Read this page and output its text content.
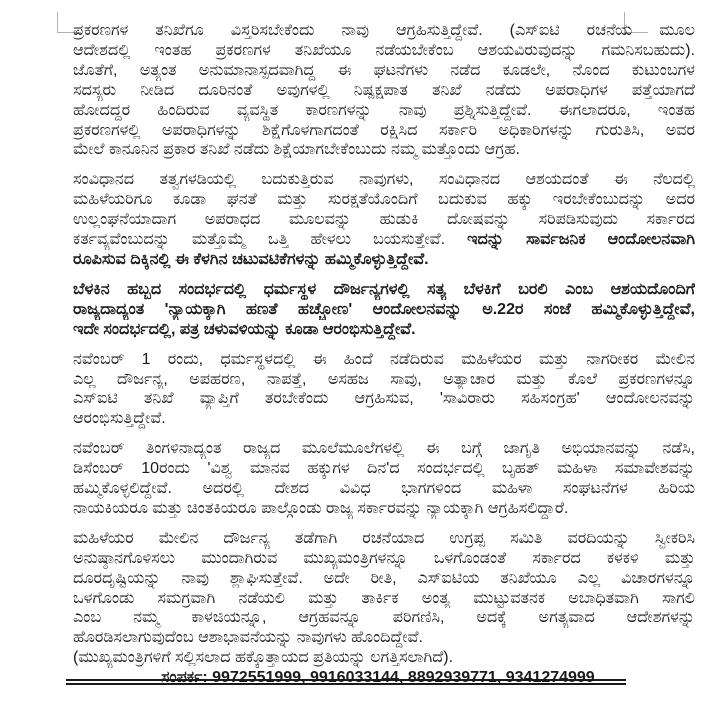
ಪ್ರಕರಣಗಳ ತನಿಖೆಗೂ ವಿಸ್ತರಿಸಬೇಕೆಂದು ನಾವು ಆಗ್ರಹಿಸುತ್ತಿದ್ದೇವೆ. (ಎಸ್‌ಐಟಿ ರಚನೆಯ ಮೂಲ
ಆದೇಶದಲ್ಲಿ ಇಂತಹ ಪ್ರಕರಣಗಳ ತನಿಖೆಯೂ ನಡೆಯಬೇಕೆಂಬ ಆಶಯವಿರುವುದನ್ನು ಗಮನಿಸಬಹುದು).
ಜೊತೆಗೆ, ಅತ್ಯಂತ ಅನುಮಾನಾಸ್ಪದವಾಗಿದ್ದ ಈ ಘಟನೆಗಳು ನಡೆದ ಕೂಡಲೇ, ನೊಂದ ಕುಟುಂಬಗಳ
ಸದಸ್ಯರು ನೀಡಿದ ದೂರಿನಂತೆ ಅವುಗಳಲ್ಲಿ ನಿಷ್ಪಕ್ಷಪಾತ ತನಿಖೆ ನಡೆದು ಅಪರಾಧಿಗಳ ಪತ್ತೆಯಾಗದೆ
ಹೋದದ್ದರ ಹಿಂದಿರುವ ವ್ಯವಸ್ಥಿತ ಕಾರಣಗಳನ್ನು ನಾವು ಪ್ರಶ್ನಿಸುತ್ತಿದ್ದೇವೆ. ಈಗಲಾದರೂ, ಇಂತಹ
ಪ್ರಕರಣಗಳಲ್ಲಿ ಅಪರಾಧಿಗಳನ್ನು ಶಿಕ್ಷೆಗೊಳಗಾಗದಂತೆ ರಕ್ಷಿಸಿದ ಸರ್ಕಾರಿ ಅಧಿಕಾರಿಗಳನ್ನು ಗುರುತಿಸಿ, ಅವರ
ಮೇಲೆ ಕಾನೂನಿನ ಪ್ರಕಾರ ತನಿಖೆ ನಡೆದು ಶಿಕ್ಷೆಯಾಗಬೇಕೆಂಬುದು ನಮ್ಮ ಮತ್ತೊಂದು ಆಗ್ರಹ.
ಸಂವಿಧಾನದ ತತ್ವಗಳಡಿಯಲ್ಲಿ ಬದುಕುತ್ತಿರುವ ನಾವುಗಳು, ಸಂವಿಧಾನದ ಆಶಯದಂತೆ ಈ ನೆಲದಲ್ಲಿ
ಮಹಿಳೆಯರಿಗೂ ಕೂಡಾ ಘನತೆ ಮತ್ತು ಸುರಕ್ಷತೆಯೊಂದಿಗೆ ಬದುಕುವ ಹಕ್ಕು ಇರಬೇಕೆಂಬುದನ್ನು ಅದರ
ಉಲ್ಲಂಘನೆಯಾದಾಗ ಅಪರಾಧದ ಮೂಲವನ್ನು ಹುಡುಕಿ ದೋಷವನ್ನು ಸರಿಪಡಿಸುವುದು ಸರ್ಕಾರದ
ಕರ್ತವ್ಯವೆಂಬುದನ್ನು ಮತ್ತೊಮ್ಮೆ ಒತ್ತಿ ಹೇಳಲು ಬಯಸುತ್ತೇವೆ. ಇದನ್ನು ಸಾರ್ವಜನಿಕ ಆಂದೋಲನವಾಗಿ
ರೂಪಿಸುವ ದಿಕ್ಕಿನಲ್ಲಿ ಈ ಕೆಳಗಿನ ಚಟುವಟಿಕೆಗಳನ್ನು ಹಮ್ಮಿಕೊಳ್ಳುತ್ತಿದ್ದೇವೆ.
ಬೆಳಕಿನ ಹಬ್ಬದ ಸಂದರ್ಭದಲ್ಲಿ ಧರ್ಮಸ್ಥಳ ದೌರ್ಜನ್ಯಗಳಲ್ಲಿ ಸತ್ಯ ಬೆಳಕಿಗೆ ಬರಲಿ ಎಂಬ ಆಶಯದೊಂದಿಗೆ
ರಾಜ್ಯದಾದ್ಯಂತ 'ನ್ಯಾಯಕ್ಕಾಗಿ ಹಣತೆ ಹಚ್ಚೋಣ' ಆಂದೋಲನವನ್ನು ಅ.22ರ ಸಂಜೆ ಹಮ್ಮಿಕೊಳ್ಳುತ್ತಿದ್ದೇವೆ,
ಇದೇ ಸಂದರ್ಭದಲ್ಲಿ, ಪತ್ರ ಚಳುವಳಿಯನ್ನು ಕೂಡಾ ಆರಂಭಿಸುತ್ತಿದ್ದೇವೆ.
ನವೆಂಬರ್ 1 ರಂದು, ಧರ್ಮಸ್ಥಳದಲ್ಲಿ ಈ ಹಿಂದೆ ನಡೆದಿರುವ ಮಹಿಳೆಯರ ಮತ್ತು ನಾಗರೀಕರ ಮೇಲಿನ
ಎಲ್ಲ ದೌರ್ಜನ್ಯ, ಅಪಹರಣ, ನಾಪತ್ತೆ, ಅಸಹಜ ಸಾವು, ಅತ್ಯಾಚಾರ ಮತ್ತು ಕೊಲೆ ಪ್ರಕರಣಗಳನ್ನೂ
ಎಸ್‌ಐಟಿ ತನಿಖೆ ವ್ಯಾಪ್ತಿಗೆ ತರಬೇಕೆಂದು ಆಗ್ರಹಿಸುವ, 'ಸಾವಿರಾರು ಸಹಿಸಂಗ್ರಹ' ಆಂದೋಲನವನ್ನು
ಆರಂಭಿಸುತ್ತಿದ್ದೇವೆ.
ನವೆಂಬರ್ ತಿಂಗಳಿನಾದ್ಯಂತ ರಾಜ್ಯದ ಮೂಲೆಮೂಲೆಗಳಲ್ಲಿ ಈ ಬಗ್ಗೆ ಜಾಗೃತಿ ಅಭಿಯಾನವನ್ನು ನಡೆಸಿ,
ಡಿಸೆಂಬರ್ 10ರಂದು 'ವಿಶ್ವ ಮಾನವ ಹಕ್ಕುಗಳ ದಿನ'ದ ಸಂದರ್ಭದಲ್ಲಿ ಬೃಹತ್ ಮಹಿಳಾ ಸಮಾವೇಶವನ್ನು
ಹಮ್ಮಿಕೊಳ್ಳಲಿದ್ದೇವೆ. ಅದರಲ್ಲಿ ದೇಶದ ವಿವಿಧ ಭಾಗಗಳಿಂದ ಮಹಿಳಾ ಸಂಘಟನೆಗಳ ಹಿರಿಯ
ನಾಯಕಿಯರೂ ಮತ್ತು ಚಿಂತಕಿಯರೂ ಪಾಲ್ಗೊಂಡು ರಾಜ್ಯ ಸರ್ಕಾರವನ್ನು ನ್ಯಾಯಕ್ಕಾಗಿ ಆಗ್ರಹಿಸಲಿದ್ದಾರೆ.
ಮಹಿಳೆಯರ ಮೇಲಿನ ದೌರ್ಜನ್ಯ ತಡೆಗಾಗಿ ರಚನೆಯಾದ ಉಗ್ರಪ್ಪ ಸಮಿತಿ ವರದಿಯನ್ನು ಸ್ವೀಕರಿಸಿ
ಅನುಷ್ಠಾನಗೊಳಿಸಲು ಮುಂದಾಗಿರುವ ಮುಖ್ಯಮಂತ್ರಿಗಳನ್ನೂ ಒಳಗೊಂಡಂತೆ ಸರ್ಕಾರದ ಕಳಕಳಿ ಮತ್ತು
ದೂರದೃಷ್ಟಿಯನ್ನು ನಾವು ಶ್ಲಾಘಿಸುತ್ತೇವೆ. ಅದೇ ರೀತಿ, ಎಸ್‌ಐಟಿಯ ತನಿಖೆಯೂ ಎಲ್ಲ ವಿಚಾರಗಳನ್ನೂ
ಒಳಗೊಂಡು ಸಮಗ್ರವಾಗಿ ನಡೆಯಲಿ ಮತ್ತು ತಾರ್ಕಿಕ ಅಂತ್ಯ ಮುಟ್ಟುವತನಕ ಅಬಾಧಿತವಾಗಿ ಸಾಗಲಿ
ಎಂಬ ನಮ್ಮ ಕಾಳಜಿಯನ್ನೂ, ಆಗ್ರಹವನ್ನೂ ಪರಿಗಣಿಸಿ, ಅದಕ್ಕೆ ಅಗತ್ಯವಾದ ಆದೇಶಗಳನ್ನು
ಹೊರಡಿಸಲಾಗುವುದೆಂಬ ಆಶಾಭಾವನೆಯನ್ನು ನಾವುಗಳು ಹೊಂದಿದ್ದೇವೆ.
(ಮುಖ್ಯಮಂತ್ರಿಗಳಿಗೆ ಸಲ್ಲಿಸಲಾದ ಹಕ್ಕೊತ್ತಾಯದ ಪ್ರತಿಯನ್ನು ಲಗತ್ತಿಸಲಾಗಿದೆ).
ಸಂಪರ್ಕ: 9972551999, 9916033144, 8892939771, 9341274999
